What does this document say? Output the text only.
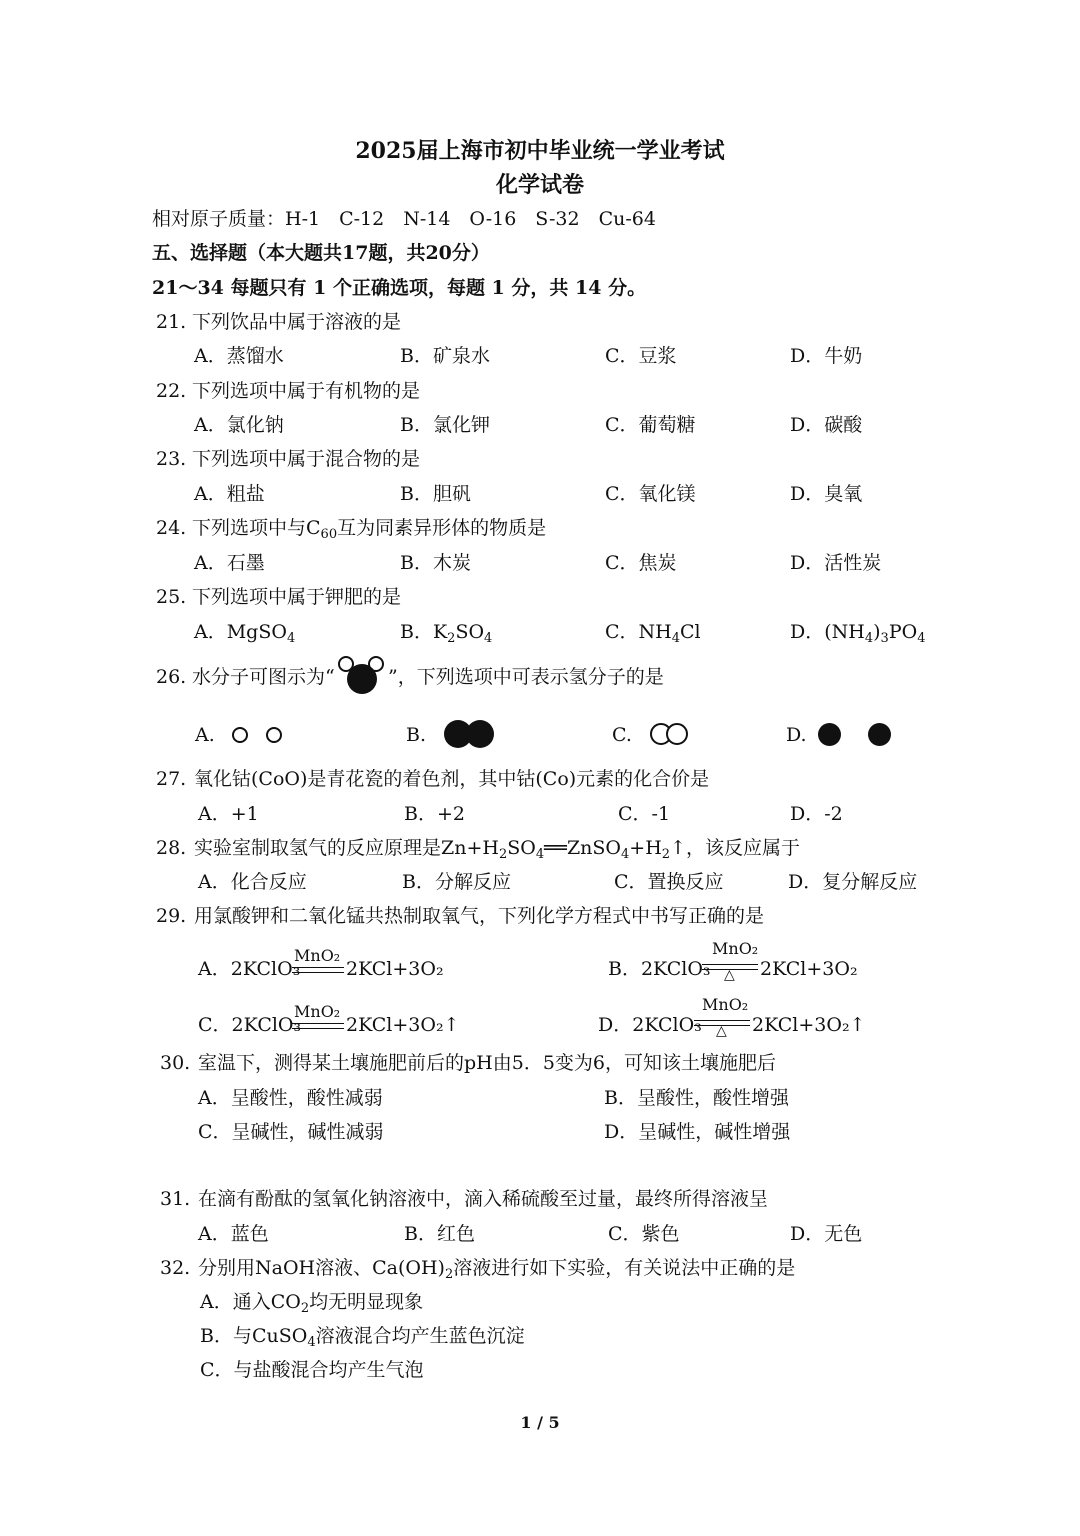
2025届上海市初中毕业统一学业考试
化学试卷
相对原子质量：H-1　C-12　N-14　O-16　S-32　Cu-64
五、选择题（本大题共17题，共20分）
21～34 每题只有 1 个正确选项，每题 1 分，共 14 分。
21. 下列饮品中属于溶液的是
A．蒸馏水	B．矿泉水	C．豆浆	D．牛奶
22. 下列选项中属于有机物的是
A．氯化钠	B．氯化钾	C．葡萄糖	D．碳酸
23. 下列选项中属于混合物的是
A．粗盐	B．胆矾	C．氧化镁	D．臭氧
24. 下列选项中与$C_{60}$互为同素异形体的物质是
A．石墨	B．木炭	C．焦炭	D．活性炭
25. 下列选项中属于钾肥的是
A．MgSO$_4$	B．$K_2SO_4$	C．$NH_4Cl$	D．$(NH_4)_3PO_4$
26. 水分子可图示为“	”，下列选项中可表示氢分子的是
A.	B.	C.	D.
27. 氧化钴(CoO)是青花瓷的着色剂，其中钴(Co)元素的化合价是
A．+1	B．+2	C．-1	D．-2
28. 实验室制取氢气的反应原理是$Zn+H_2SO_4══ZnSO_4+H_2↑$，该反应属于
A．化合反应	B．分解反应	C．置换反应	D．复分解反应
29. 用氯酸钾和二氧化锰共热制取氧气，下列化学方程式中书写正确的是
A．2KClO₃
MnO₂
2KCl+3O₂	B．2KClO₃
MnO₂
△ 2KCl+3O₂
C．2KClO₃
MnO₂
2KCl+3O₂↑	D．2KClO₃
MnO₂
△ 2KCl+3O₂↑
30. 室温下，测得某土壤施肥前后的pH由5．5变为6，可知该土壤施肥后
A．呈酸性，酸性减弱	B．呈酸性，酸性增强
C．呈碱性，碱性减弱	D．呈碱性，碱性增强
31. 在滴有酚酞的氢氧化钠溶液中，滴入稀硫酸至过量，最终所得溶液呈
A．蓝色	B．红色	C．紫色	D．无色
32. 分别用NaOH溶液、$Ca(OH)_2$溶液进行如下实验，有关说法中正确的是
A．通入$CO_2$均无明显现象
B．与CuSO$_4$溶液混合均产生蓝色沉淀
C．与盐酸混合均产生气泡
1 / 5
